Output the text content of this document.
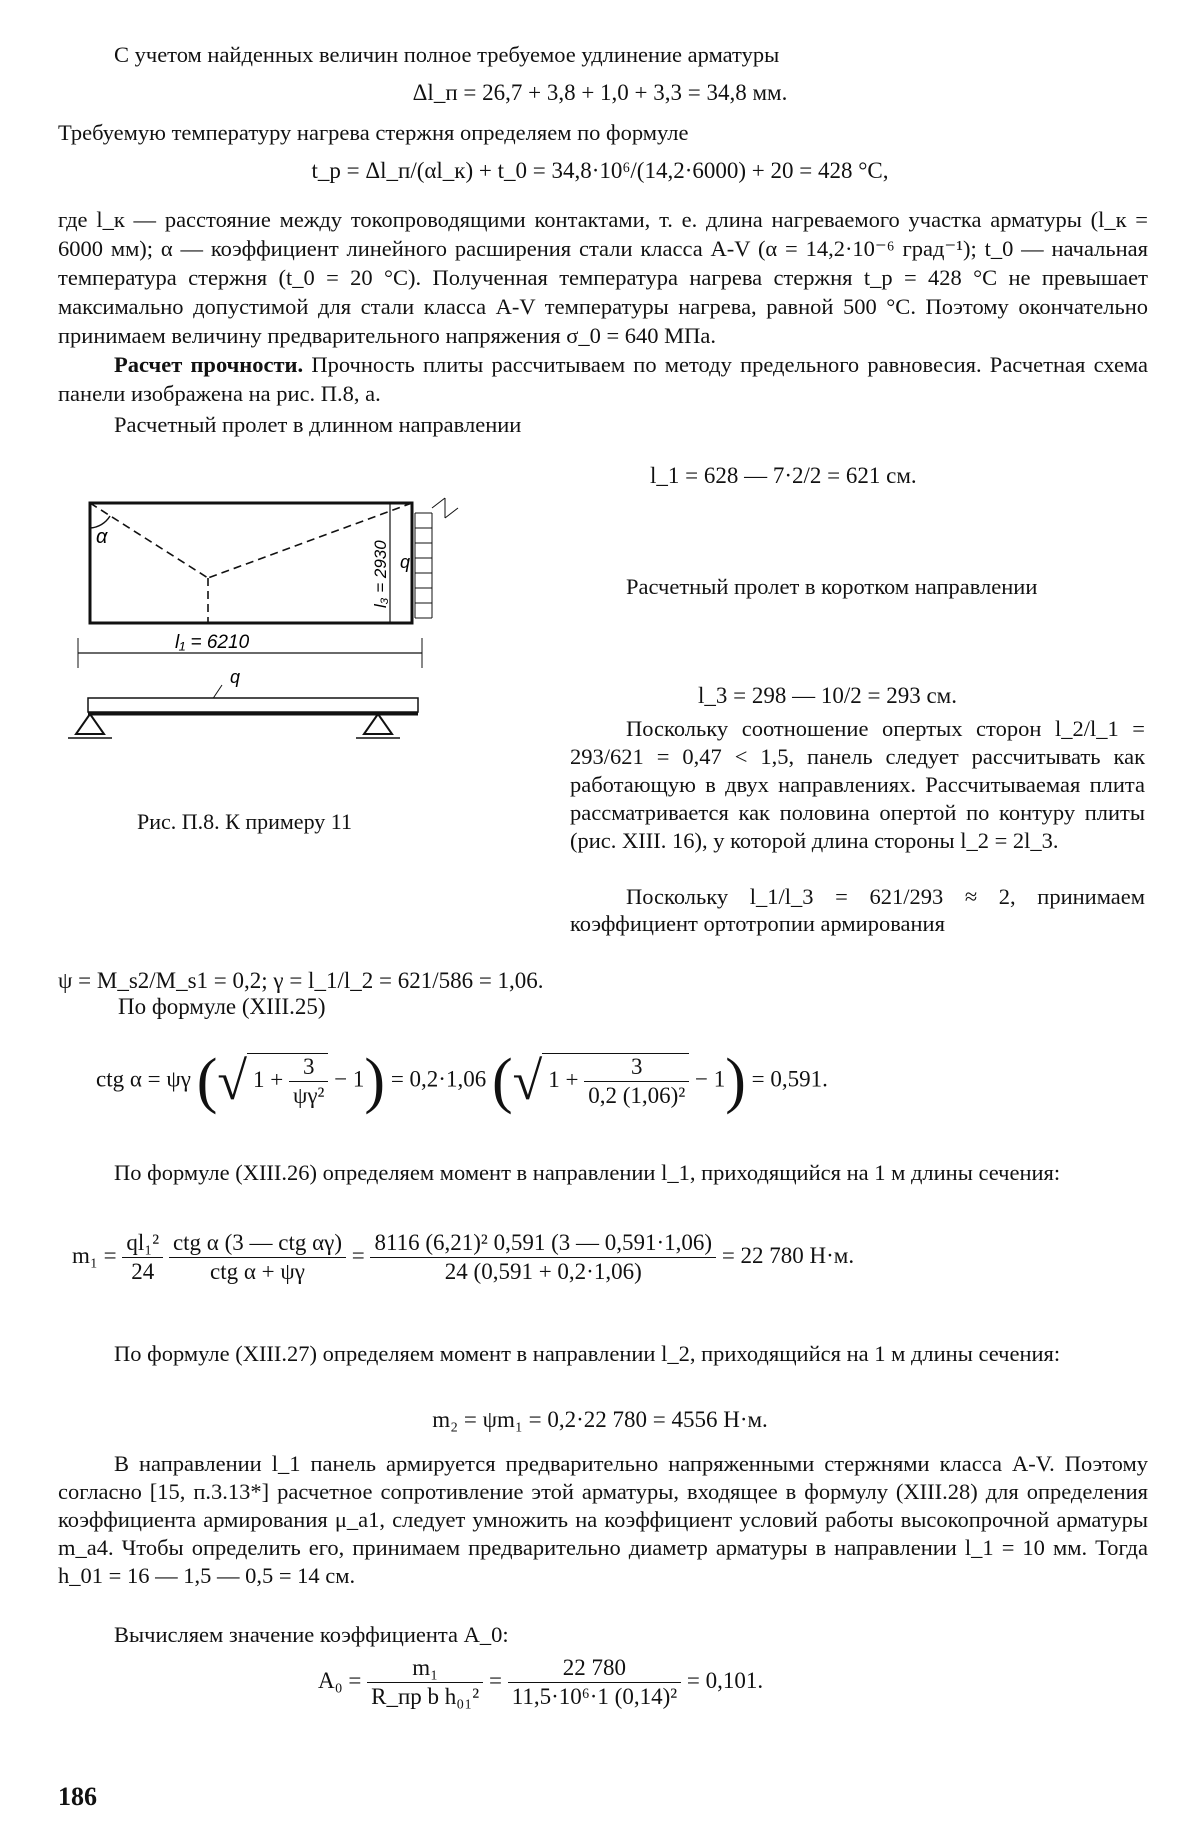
С учетом найденных величин полное требуемое удлинение арматуры

Δl_п = 26,7 + 3,8 + 1,0 + 3,3 = 34,8 мм.

Требуемую температуру нагрева стержня определяем по формуле

t_р = Δl_п/(αl_к) + t_0 = 34,8·10⁶/(14,2·6000) + 20 = 428 °С,

где l_к — расстояние между токопроводящими контактами, т. е. длина нагреваемого участка арматуры (l_к = 6000 мм); α — коэффициент линейного расширения стали класса А-V (α = 14,2·10⁻⁶ град⁻¹); t_0 — начальная температура стержня (t_0 = 20 °С). Полученная температура нагрева стержня t_р = 428 °С не превышает максимально допустимой для стали класса А-V температуры нагрева, равной 500 °С. Поэтому окончательно принимаем величину предварительного напряжения σ_0 = 640 МПа.

Расчет прочности. Прочность плиты рассчитываем по методу предельного равновесия. Расчетная схема панели изображена на рис. П.8, а.

Расчетный пролет в длинном направлении

l_1 = 628 — 7·2/2 = 621 см.

α
l₃ = 2930 q
l₁ = 6210
q

Рис. П.8. К примеру 11

Расчетный пролет в коротком направлении

l_3 = 298 — 10/2 = 293 см.

Поскольку соотношение опертых сторон l_2/l_1 = 293/621 = 0,47 < 1,5, панель следует рассчитывать как работающую в двух направлениях. Рассчитываемая плита рассматривается как половина опертой по контуру плиты (рис. XIII. 16), у которой длина стороны l_2 = 2l_3.

Поскольку l_1/l_3 = 621/293 ≈ 2, принимаем коэффициент ортотропии армирования

ψ = M_s2/M_s1 = 0,2; γ = l_1/l_2 = 621/586 = 1,06.

По формуле (XIII.25)

ctg α = ψγ (√ $1 + \frac{3}{\text{ψγ²}} - 1) = 0,2\cdot 1,06$ (√ $1 + \frac{3}{\text{0,2 (1,06)²}} - 1) = 0,591$.

По формуле (XIII.26) определяем момент в направлении l_1, приходящийся на 1 м длины сечения:

$m_1 = \frac{\text{ql₁²}}{24}$
$\frac{\text{ctg α (3 — ctg αγ)}}{\text{ctg α + ψγ}} = \frac{\text{8116 (6,21)² 0,591 (3 — 0,591·1,06)}}{24 (0,591 + 0,2\cdot 1,06)} = 22$ 780 Н·м.

По формуле (XIII.27) определяем момент в направлении l_2, приходящийся на 1 м длины сечения:

m₂ = ψm₁ = 0,2·22 780 = 4556 Н·м.

В направлении l_1 панель армируется предварительно напряженными стержнями класса А-V. Поэтому согласно [15, п.3.13*] расчетное сопротивление этой арматуры, входящее в формулу (XIII.28) для определения коэффициента армирования μ_a1, следует умножить на коэффициент условий работы высокопрочной арматуры m_a4. Чтобы определить его, принимаем предварительно диаметр арматуры в направлении l_1 = 10 мм. Тогда h_01 = 16 — 1,5 — 0,5 = 14 см.

Вычисляем значение коэффициента A_0:

$A_0 = \frac{\text{m₁}}{\text{R\_пр b h₀₁²}} = \frac{22 780}{\text{11,5·10⁶·1 (0,14)²}} = 0,101$.
186
